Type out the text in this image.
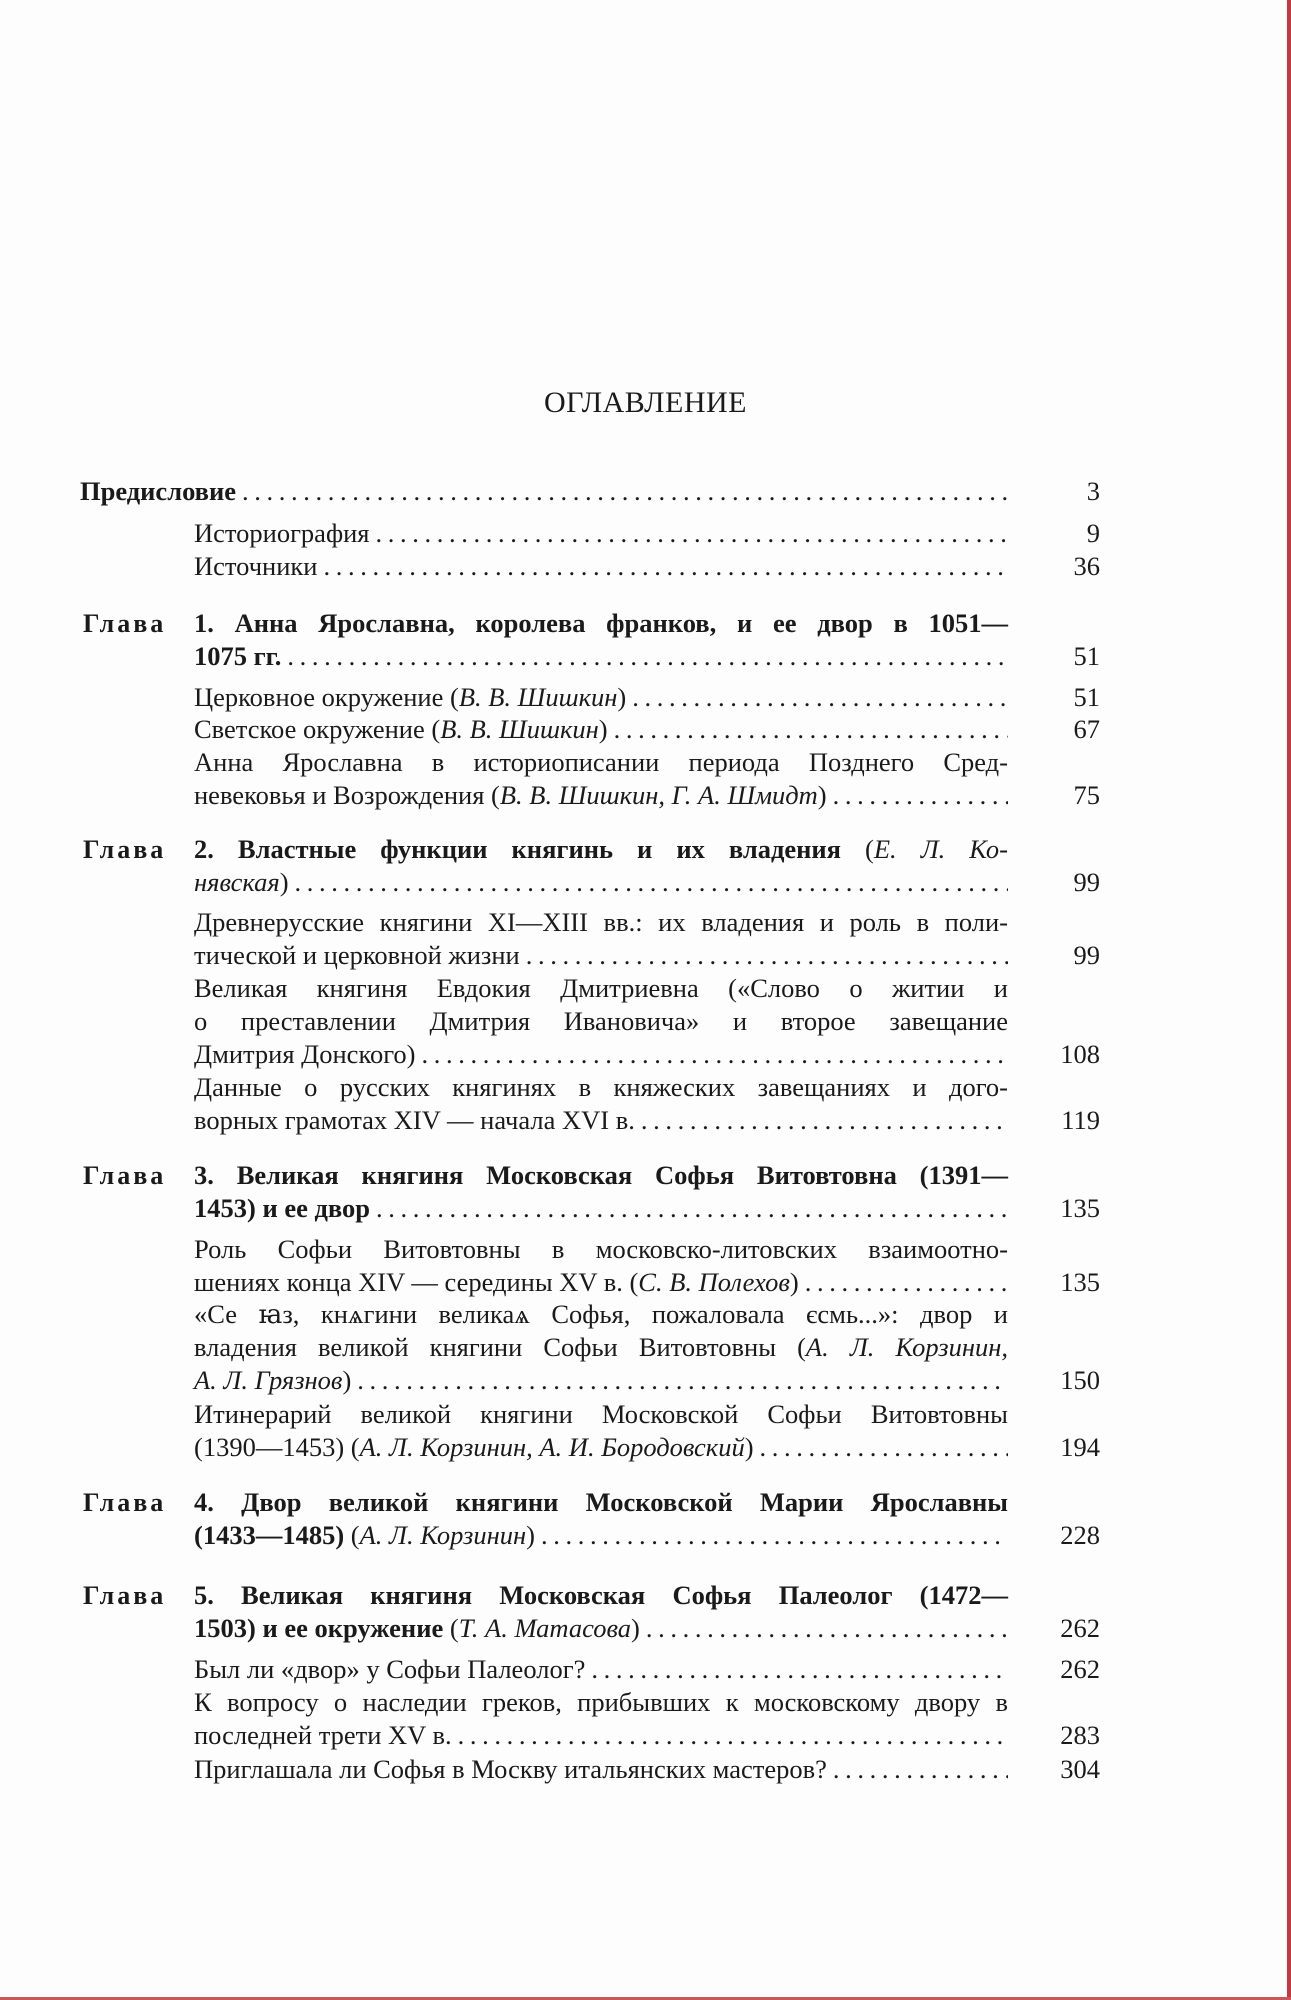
ОГЛАВЛЕНИЕ
Предисловие . . .	3
Историография . . .	9
Источники . . .	36
Глава 1. Анна Ярославна, королева франков, и ее двор в 1051—
1075 гг. . . .	51
Церковное окружение (В. В. Шишкин) . . .	51
Светское окружение (В. В. Шишкин) . . .	67
Анна Ярославна в историописании периода Позднего Сред-
невековья и Возрождения (В. В. Шишкин, Г. А. Шмидт) . . .	75
Глава 2. Властные функции княгинь и их владения (Е. Л. Ко-
нявская) . . .	99
Древнерусские княгини XI—XIII вв.: их владения и роль в поли-
тической и церковной жизни . . .	99
Великая княгиня Евдокия Дмитриевна («Слово о житии и
о преставлении Дмитрия Ивановича» и второе завещание
Дмитрия Донского) . . .	108
Данные о русских княгинях в княжеских завещаниях и дого-
ворных грамотах XIV — начала XVI в. . . .	119
Глава 3. Великая княгиня Московская Софья Витовтовна (1391—
1453) и ее двор . . .	135
Роль Софьи Витовтовны в московско-литовских взаимоотно-
шениях конца XIV — середины XV в. (С. В. Полехов) . . .	135
«Се ꙗз, кнѧгини великаѧ Софья, пожаловала єсмь...»: двор и
владения великой княгини Софьи Витовтовны (А. Л. Корзинин,
А. Л. Грязнов) . . .	150
Итинерарий великой княгини Московской Софьи Витовтовны
(1390—1453) (А. Л. Корзинин, А. И. Бородовский) . . .	194
Глава 4. Двор великой княгини Московской Марии Ярославны
(1433—1485) (А. Л. Корзинин) . . .	228
Глава 5. Великая княгиня Московская Софья Палеолог (1472—
1503) и ее окружение (Т. А. Матасова) . . .	262
Был ли «двор» у Софьи Палеолог? . . .	262
К вопросу о наследии греков, прибывших к московскому двору в
последней трети XV в. . . .	283
Приглашала ли Софья в Москву итальянских мастеров? . . .	304
